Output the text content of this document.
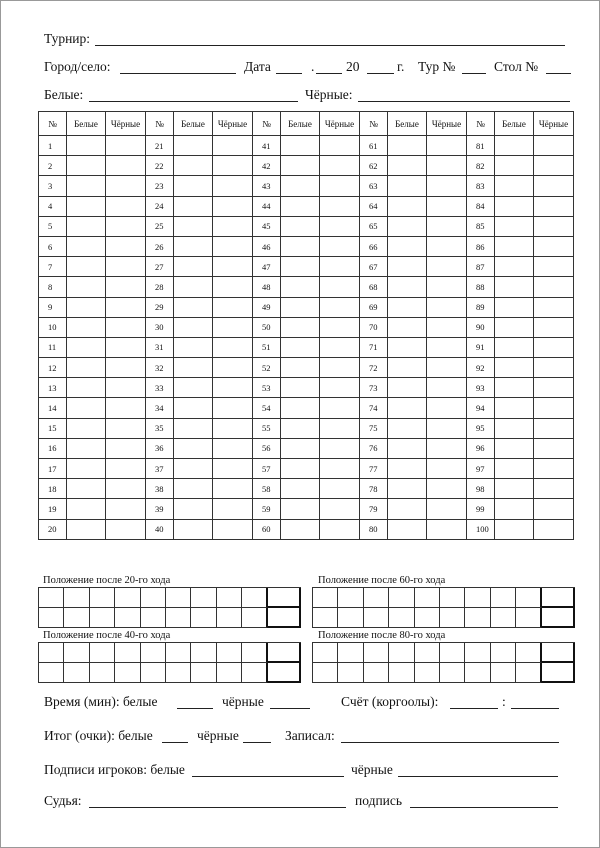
Турнир:
Город/село:	Дата	. 20	г. Тур №	Стол №
Белые:	Чёрные:
№	Белые	Чёрные	№	Белые	Чёрные	№	Белые	Чёрные	№	Белые	Чёрные	№	Белые	Чёрные
1			21			41			61			81		
2			22			42			62			82		
3			23			43			63			83		
4			24			44			64			84		
5			25			45			65			85		
6			26			46			66			86		
7			27			47			67			87		
8			28			48			68			88		
9			29			49			69			89		
10			30			50			70			90		
11			31			51			71			91		
12			32			52			72			92		
13			33			53			73			93		
14			34			54			74			94		
15			35			55			75			95		
16			36			56			76			96		
17			37			57			77			97		
18			38			58			78			98		
19			39			59			79			99		
20			40			60			80			100		
Положение после 20-го хода	Положение после 60-го хода
Положение после 40-го хода	Положение после 80-го хода
Время (мин): белые	чёрные	Счёт (коргоолы):	:
Итог (очки): белые	чёрные	Записал:
Подписи игроков: белые	чёрные
Судья:	подпись
